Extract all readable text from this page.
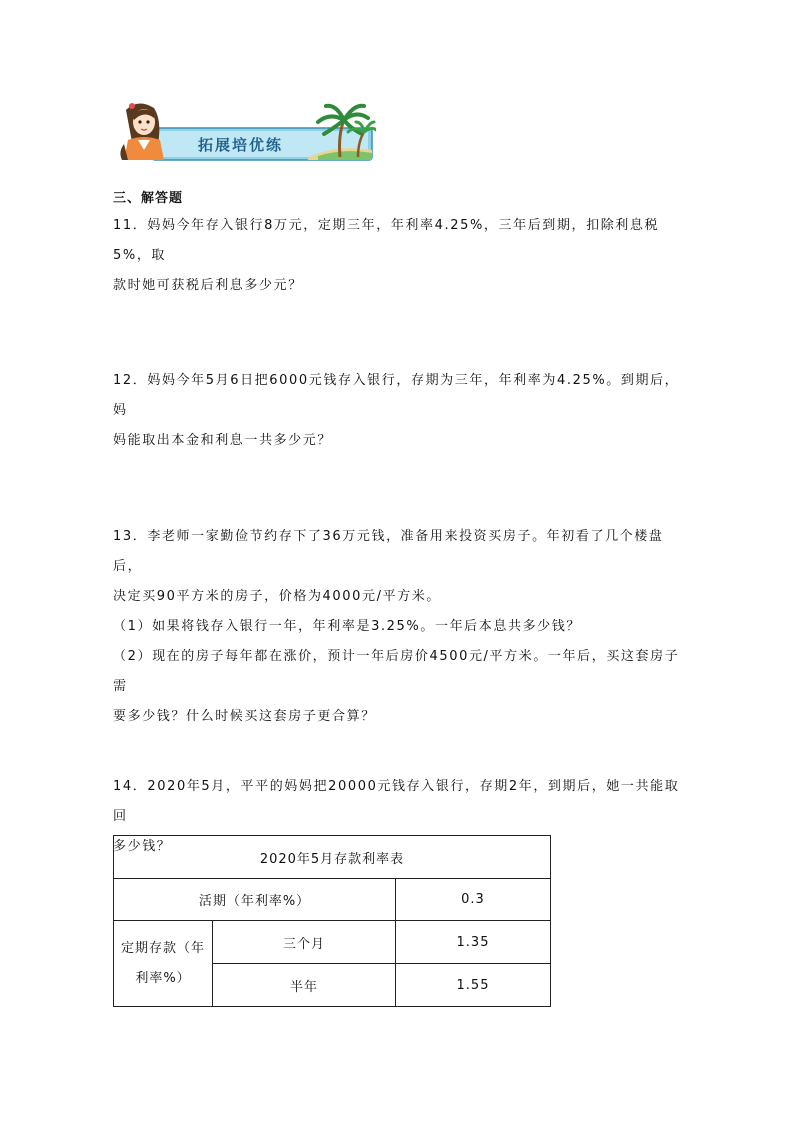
拓展培优练
三、解答题

11．妈妈今年存入银行8万元，定期三年，年利率4.25%，三年后到期，扣除利息税5%，取

款时她可获税后利息多少元？

12．妈妈今年5月6日把6000元钱存入银行，存期为三年，年利率为4.25%。到期后，妈

妈能取出本金和利息一共多少元？

13．李老师一家勤俭节约存下了36万元钱，准备用来投资买房子。年初看了几个楼盘后，

决定买90平方米的房子，价格为4000元/平方米。

（1）如果将钱存入银行一年，年利率是3.25%。一年后本息共多少钱？

（2）现在的房子每年都在涨价，预计一年后房价4500元/平方米。一年后，买这套房子需

要多少钱？什么时候买这套房子更合算？

14．2020年5月，平平的妈妈把20000元钱存入银行，存期2年，到期后，她一共能取回

多少钱？

2020年5月存款利率表		
活期（年利率%）		0.3
定期存款（年利率%）	三个月	1.35
	半年	1.55
